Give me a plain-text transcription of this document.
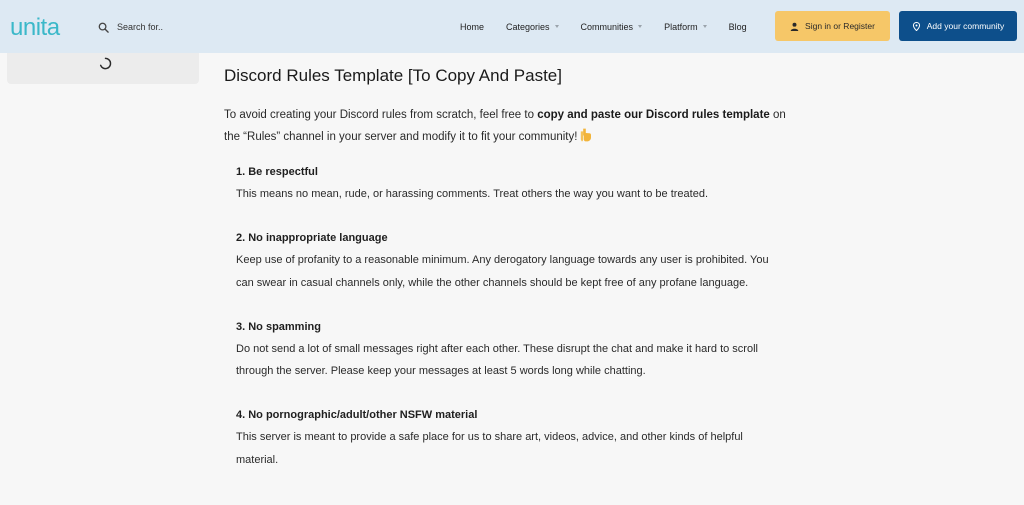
unita
Search for..	Home Categories	Communities	Platform	Blog	Sign in or Register	Add your community
Discord Rules Template [To Copy And Paste]

To avoid creating your Discord rules from scratch, feel free to copy and paste our Discord rules template on the “Rules” channel in your server and modify it to fit your community!

1. Be respectful
This means no mean, rude, or harassing comments. Treat others the way you want to be treated.
2. No inappropriate language
Keep use of profanity to a reasonable minimum. Any derogatory language towards any user is prohibited. You can swear in casual channels only, while the other channels should be kept free of any profane language.
3. No spamming
Do not send a lot of small messages right after each other. These disrupt the chat and make it hard to scroll through the server. Please keep your messages at least 5 words long while chatting.
4. No pornographic/adult/other NSFW material
This server is meant to provide a safe place for us to share art, videos, advice, and other kinds of helpful material.
